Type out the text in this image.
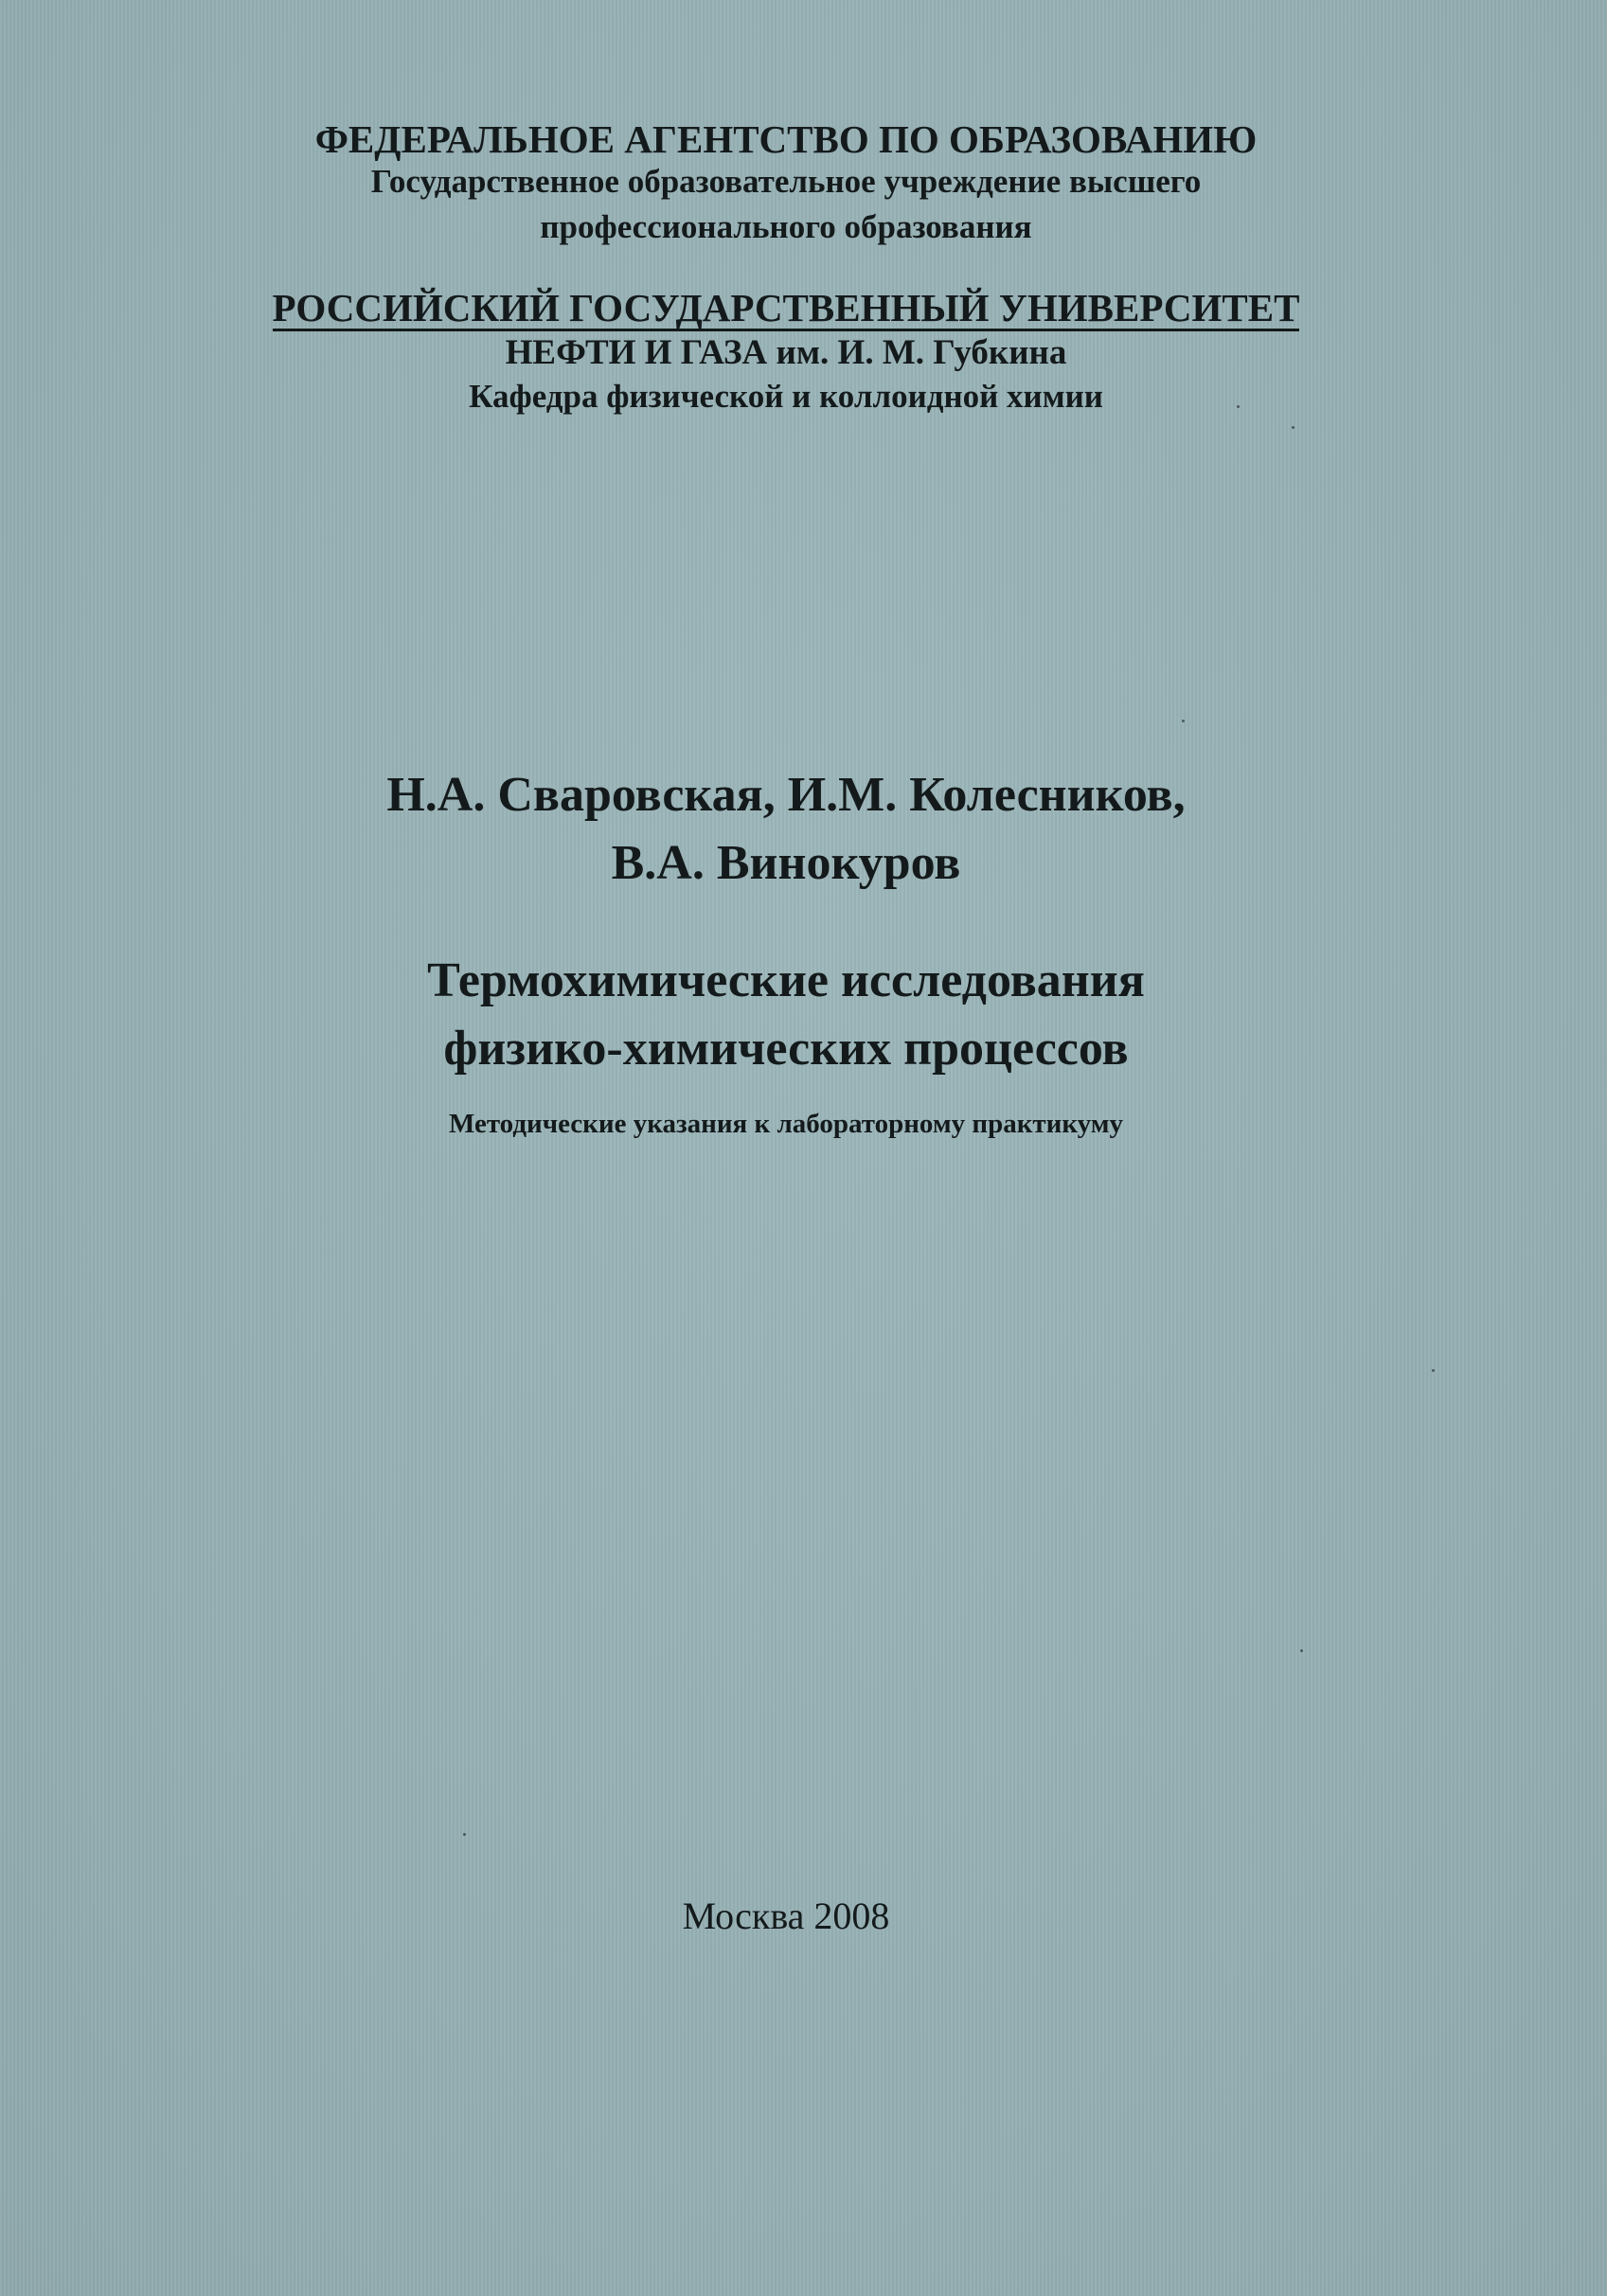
ФЕДЕРАЛЬНОЕ АГЕНТСТВО ПО ОБРАЗОВАНИЮ
Государственное образовательное учреждение высшего
профессионального образования
РОССИЙСКИЙ ГОСУДАРСТВЕННЫЙ УНИВЕРСИТЕТ
НЕФТИ И ГАЗА им. И. М. Губкина
Кафедра физической и коллоидной химии
Н.А. Сваровская, И.М. Колесников,
В.А. Винокуров
Термохимические исследования
физико-химических процессов
Методические указания к лабораторному практикуму
Москва 2008
